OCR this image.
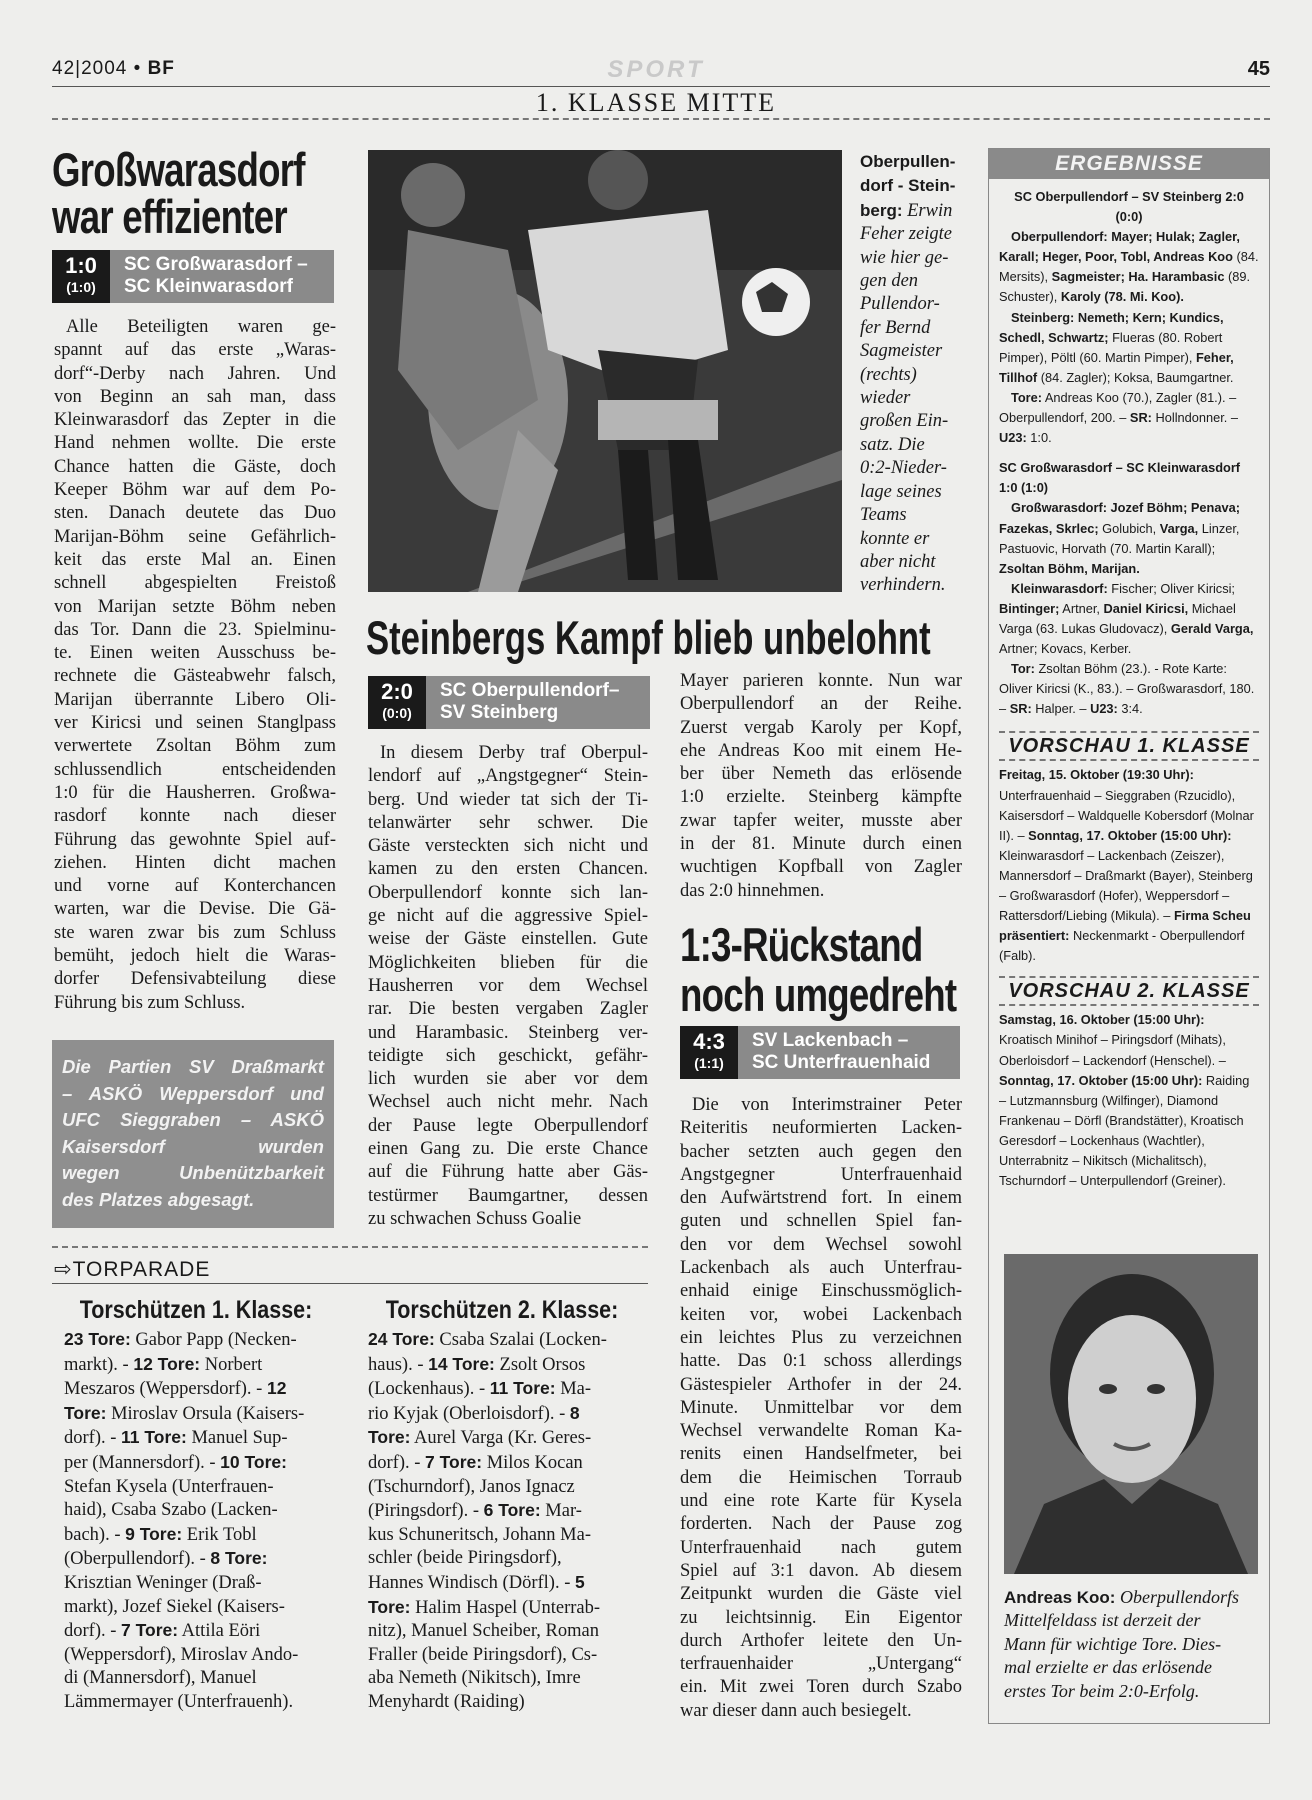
42|2004 • BF	SPORT	45
1. KLASSE MITTE
Großwarasdorf
war effizienter
1:0
(1:0)
SC Großwarasdorf –
SC Kleinwarasdorf
Alle Beteiligten waren ge-
spannt auf das erste „Waras-
dorf“-Derby nach Jahren. Und
von Beginn an sah man, dass
Kleinwarasdorf das Zepter in die
Hand nehmen wollte. Die erste
Chance hatten die Gäste, doch
Keeper Böhm war auf dem Po-
sten. Danach deutete das Duo
Marijan-Böhm seine Gefährlich-
keit das erste Mal an. Einen
schnell abgespielten Freistoß
von Marijan setzte Böhm neben
das Tor. Dann die 23. Spielminu-
te. Einen weiten Ausschuss be-
rechnete die Gästeabwehr falsch,
Marijan überrannte Libero Oli-
ver Kiricsi und seinen Stanglpass
verwertete Zsoltan Böhm zum
schlussendlich entscheidenden
1:0 für die Hausherren. Großwa-
rasdorf konnte nach dieser
Führung das gewohnte Spiel auf-
ziehen. Hinten dicht machen
und vorne auf Konterchancen
warten, war die Devise. Die Gä-
ste waren zwar bis zum Schluss
bemüht, jedoch hielt die Waras-
dorfer Defensivabteilung diese
Führung bis zum Schluss.
Die Partien SV Draßmarkt
– ASKÖ Weppersdorf und
UFC Sieggraben – ASKÖ
Kaisersdorf wurden
wegen Unbenützbarkeit
des Platzes abgesagt.
Oberpullen-
dorf - Stein-
berg: Erwin
Feher zeigte
wie hier ge-
gen den
Pullendor-
fer Bernd
Sagmeister
(rechts)
wieder
großen Ein-
satz. Die
0:2-Nieder-
lage seines
Teams
konnte er
aber nicht
verhindern.
Steinbergs Kampf blieb unbelohnt
2:0
(0:0)
SC Oberpullendorf–
SV Steinberg
In diesem Derby traf Oberpul-
lendorf auf „Angstgegner“ Stein-
berg. Und wieder tat sich der Ti-
telanwärter sehr schwer. Die
Gäste versteckten sich nicht und
kamen zu den ersten Chancen.
Oberpullendorf konnte sich lan-
ge nicht auf die aggressive Spiel-
weise der Gäste einstellen. Gute
Möglichkeiten blieben für die
Hausherren vor dem Wechsel
rar. Die besten vergaben Zagler
und Harambasic. Steinberg ver-
teidigte sich geschickt, gefähr-
lich wurden sie aber vor dem
Wechsel auch nicht mehr. Nach
der Pause legte Oberpullendorf
einen Gang zu. Die erste Chance
auf die Führung hatte aber Gäs-
testürmer Baumgartner, dessen
zu schwachen Schuss Goalie
Mayer parieren konnte. Nun war
Oberpullendorf an der Reihe.
Zuerst vergab Karoly per Kopf,
ehe Andreas Koo mit einem He-
ber über Nemeth das erlösende
1:0 erzielte. Steinberg kämpfte
zwar tapfer weiter, musste aber
in der 81. Minute durch einen
wuchtigen Kopfball von Zagler
das 2:0 hinnehmen.
1:3-Rückstand
noch umgedreht
4:3
(1:1)
SV Lackenbach –
SC Unterfrauenhaid
Die von Interimstrainer Peter
Reiteritis neuformierten Lacken-
bacher setzten auch gegen den
Angstgegner Unterfrauenhaid
den Aufwärtstrend fort. In einem
guten und schnellen Spiel fan-
den vor dem Wechsel sowohl
Lackenbach als auch Unterfrau-
enhaid einige Einschussmöglich-
keiten vor, wobei Lackenbach
ein leichtes Plus zu verzeichnen
hatte. Das 0:1 schoss allerdings
Gästespieler Arthofer in der 24.
Minute. Unmittelbar vor dem
Wechsel verwandelte Roman Ka-
renits einen Handselfmeter, bei
dem die Heimischen Torraub
und eine rote Karte für Kysela
forderten. Nach der Pause zog
Unterfrauenhaid nach gutem
Spiel auf 3:1 davon. Ab diesem
Zeitpunkt wurden die Gäste viel
zu leichtsinnig. Ein Eigentor
durch Arthofer leitete den Un-
terfrauenhaider „Untergang“
ein. Mit zwei Toren durch Szabo
war dieser dann auch besiegelt.
⇨TORPARADE
Torschützen 1. Klasse:
23 Tore: Gabor Papp (Necken-
markt). - 12 Tore: Norbert
Meszaros (Weppersdorf). - 12
Tore: Miroslav Orsula (Kaisers-
dorf). - 11 Tore: Manuel Sup-
per (Mannersdorf). - 10 Tore:
Stefan Kysela (Unterfrauen-
haid), Csaba Szabo (Lacken-
bach). - 9 Tore: Erik Tobl
(Oberpullendorf). - 8 Tore:
Krisztian Weninger (Draß-
markt), Jozef Siekel (Kaisers-
dorf). - 7 Tore: Attila Eöri
(Weppersdorf), Miroslav Ando-
di (Mannersdorf), Manuel
Lämmermayer (Unterfrauenh).
Torschützen 2. Klasse:
24 Tore: Csaba Szalai (Locken-
haus). - 14 Tore: Zsolt Orsos
(Lockenhaus). - 11 Tore: Ma-
rio Kyjak (Oberloisdorf). - 8
Tore: Aurel Varga (Kr. Geres-
dorf). - 7 Tore: Milos Kocan
(Tschurndorf), Janos Ignacz
(Piringsdorf). - 6 Tore: Mar-
kus Schuneritsch, Johann Ma-
schler (beide Piringsdorf),
Hannes Windisch (Dörfl). - 5
Tore: Halim Haspel (Unterrab-
nitz), Manuel Scheiber, Roman
Fraller (beide Piringsdorf), Cs-
aba Nemeth (Nikitsch), Imre
Menyhardt (Raiding)
ERGEBNISSE
SC Oberpullendorf – SV Steinberg 2:0 (0:0)
Oberpullendorf: Mayer; Hulak; Zagler, Karall; Heger, Poor, Tobl, Andreas Koo (84. Mersits), Sagmeister; Ha. Harambasic (89. Schuster), Karoly (78. Mi. Koo).
Steinberg: Nemeth; Kern; Kundics, Schedl, Schwartz; Flueras (80. Robert Pimper), Pöltl (60. Martin Pimper), Feher, Tillhof (84. Zagler); Koksa, Baumgartner.
Tore: Andreas Koo (70.), Zagler (81.). – Oberpullendorf, 200. – SR: Hollndonner. – U23: 1:0.
SC Großwarasdorf – SC Kleinwarasdorf 1:0 (1:0)
Großwarasdorf: Jozef Böhm; Penava; Fazekas, Skrlec; Golubich, Varga, Linzer, Pastuovic, Horvath (70. Martin Karall); Zsoltan Böhm, Marijan.
Kleinwarasdorf: Fischer; Oliver Kiricsi; Bintinger; Artner, Daniel Kiricsi, Michael Varga (63. Lukas Gludovacz), Gerald Varga, Artner; Kovacs, Kerber.
Tor: Zsoltan Böhm (23.). - Rote Karte: Oliver Kiricsi (K., 83.). – Großwarasdorf, 180. – SR: Halper. – U23: 3:4.
VORSCHAU 1. KLASSE
Freitag, 15. Oktober (19:30 Uhr): Unterfrauenhaid – Sieggraben (Rzucidlo), Kaisersdorf – Waldquelle Kobersdorf (Molnar II). – Sonntag, 17. Oktober (15:00 Uhr): Kleinwarasdorf – Lackenbach (Zeiszer), Mannersdorf – Draßmarkt (Bayer), Steinberg – Großwarasdorf (Hofer), Weppersdorf – Rattersdorf/Liebing (Mikula). – Firma Scheu präsentiert: Neckenmarkt - Oberpullendorf (Falb).
VORSCHAU 2. KLASSE
Samstag, 16. Oktober (15:00 Uhr): Kroatisch Minihof – Piringsdorf (Mihats), Oberloisdorf – Lackendorf (Henschel). – Sonntag, 17. Oktober (15:00 Uhr): Raiding – Lutzmannsburg (Wilfinger), Diamond Frankenau – Dörfl (Brandstätter), Kroatisch Geresdorf – Lockenhaus (Wachtler), Unterrabnitz – Nikitsch (Michalitsch), Tschurndorf – Unterpullendorf (Greiner).
Andreas Koo: Oberpullendorfs
Mittelfeldass ist derzeit der
Mann für wichtige Tore. Dies-
mal erzielte er das erlösende
erstes Tor beim 2:0-Erfolg.
